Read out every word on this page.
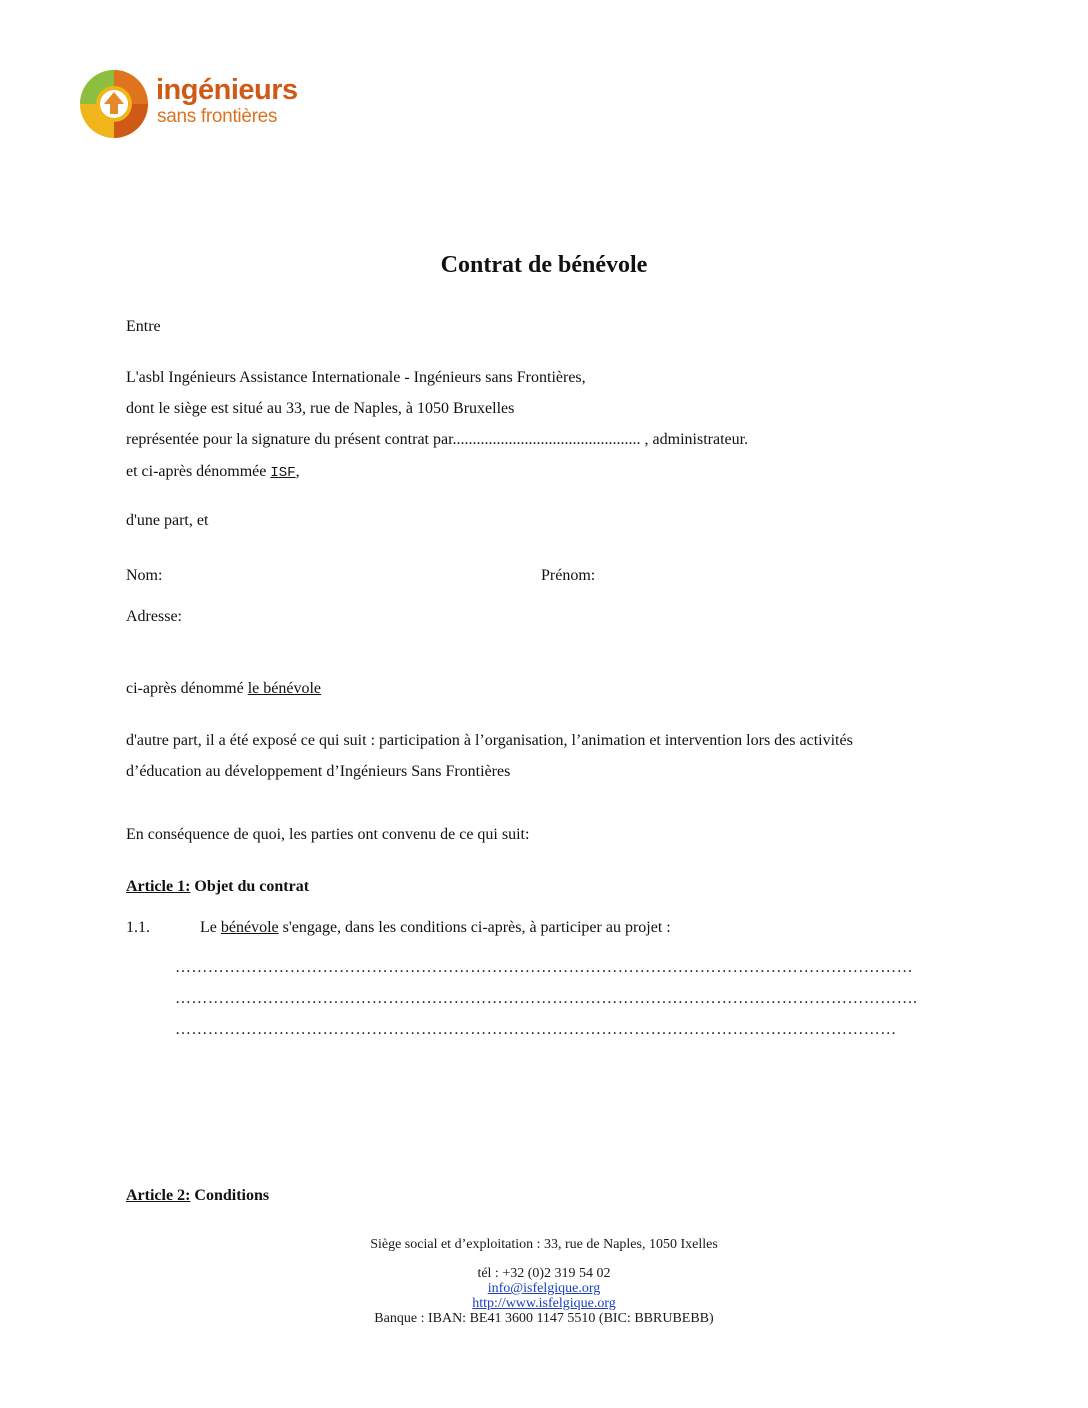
ingénieurs
sans frontières
Contrat de bénévole
Entre
L'asbl Ingénieurs Assistance Internationale - Ingénieurs sans Frontières,
dont le siège est situé au 33, rue de Naples, à 1050 Bruxelles
représentée pour la signature du présent contrat par............................................... , administrateur.
et ci-après dénommée ISF,
d'une part, et
Nom:	Prénom:
Adresse:
ci-après dénommé le bénévole
d'autre part, il a été exposé ce qui suit : participation à l’organisation, l’animation et intervention lors des activités
d’éducation au développement d’Ingénieurs Sans Frontières
En conséquence de quoi, les parties ont convenu de ce qui suit:
Article 1: Objet du contrat
1.1.	Le bénévole s'engage, dans les conditions ci-après, à participer au projet :
………………………………………………………………………………………………………………………
……………………………………………………………………………………………………………………….
……………………………………………………………………………………………………………………
Article 2: Conditions
Siège social et d’exploitation : 33, rue de Naples, 1050 Ixelles
tél : +32 (0)2 319 54 02
info@isfelgique.org
http://www.isfelgique.org
Banque : IBAN: BE41 3600 1147 5510 (BIC: BBRUBEBB)
